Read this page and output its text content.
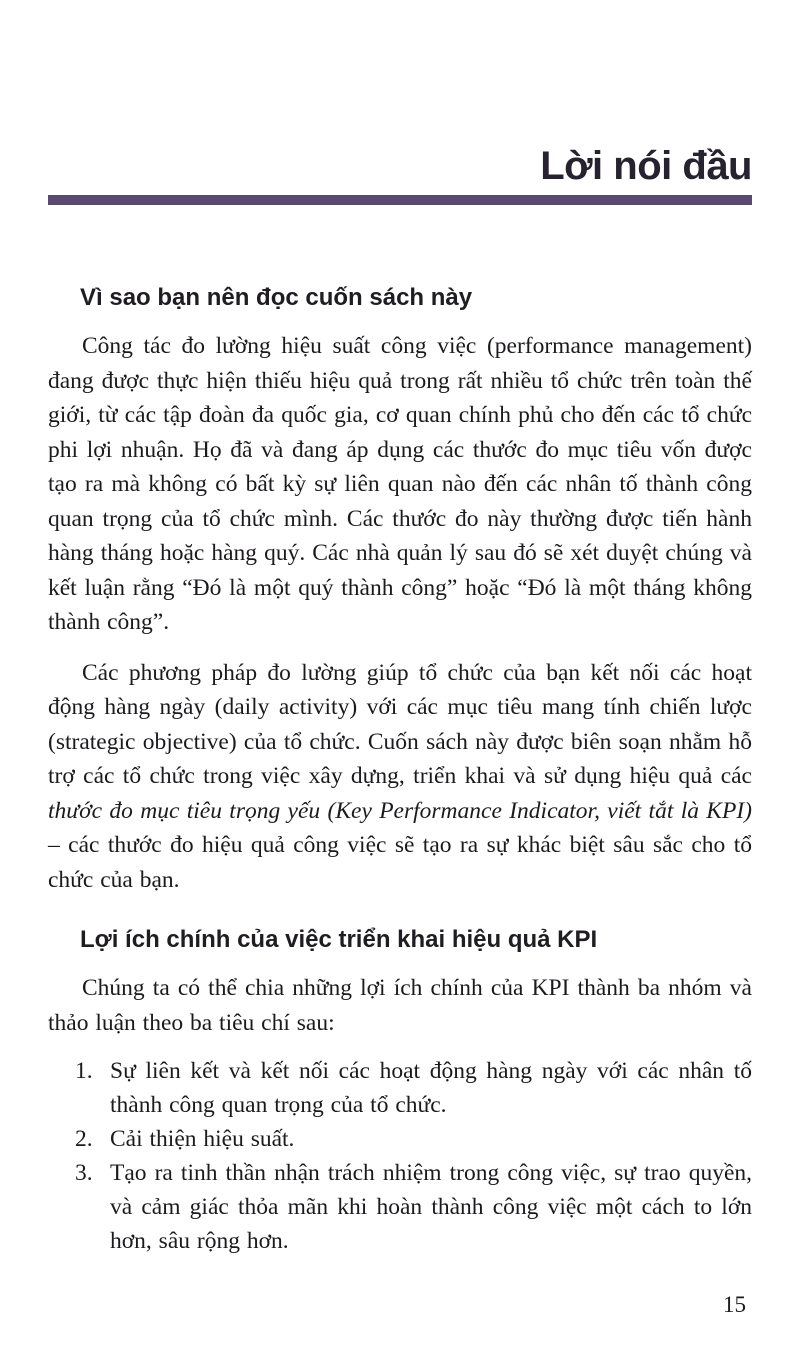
Lời nói đầu
Vì sao bạn nên đọc cuốn sách này

Công tác đo lường hiệu suất công việc (performance management) đang được thực hiện thiếu hiệu quả trong rất nhiều tổ chức trên toàn thế giới, từ các tập đoàn đa quốc gia, cơ quan chính phủ cho đến các tổ chức phi lợi nhuận. Họ đã và đang áp dụng các thước đo mục tiêu vốn được tạo ra mà không có bất kỳ sự liên quan nào đến các nhân tố thành công quan trọng của tổ chức mình. Các thước đo này thường được tiến hành hàng tháng hoặc hàng quý. Các nhà quản lý sau đó sẽ xét duyệt chúng và kết luận rằng “Đó là một quý thành công” hoặc “Đó là một tháng không thành công”.

Các phương pháp đo lường giúp tổ chức của bạn kết nối các hoạt động hàng ngày (daily activity) với các mục tiêu mang tính chiến lược (strategic objective) của tổ chức. Cuốn sách này được biên soạn nhằm hỗ trợ các tổ chức trong việc xây dựng, triển khai và sử dụng hiệu quả các thước đo mục tiêu trọng yếu (Key Performance Indicator, viết tắt là KPI) – các thước đo hiệu quả công việc sẽ tạo ra sự khác biệt sâu sắc cho tổ chức của bạn.

Lợi ích chính của việc triển khai hiệu quả KPI

Chúng ta có thể chia những lợi ích chính của KPI thành ba nhóm và thảo luận theo ba tiêu chí sau:

1. Sự liên kết và kết nối các hoạt động hàng ngày với các nhân tố thành công quan trọng của tổ chức.
2. Cải thiện hiệu suất.
3. Tạo ra tinh thần nhận trách nhiệm trong công việc, sự trao quyền, và cảm giác thỏa mãn khi hoàn thành công việc một cách to lớn hơn, sâu rộng hơn.
15
